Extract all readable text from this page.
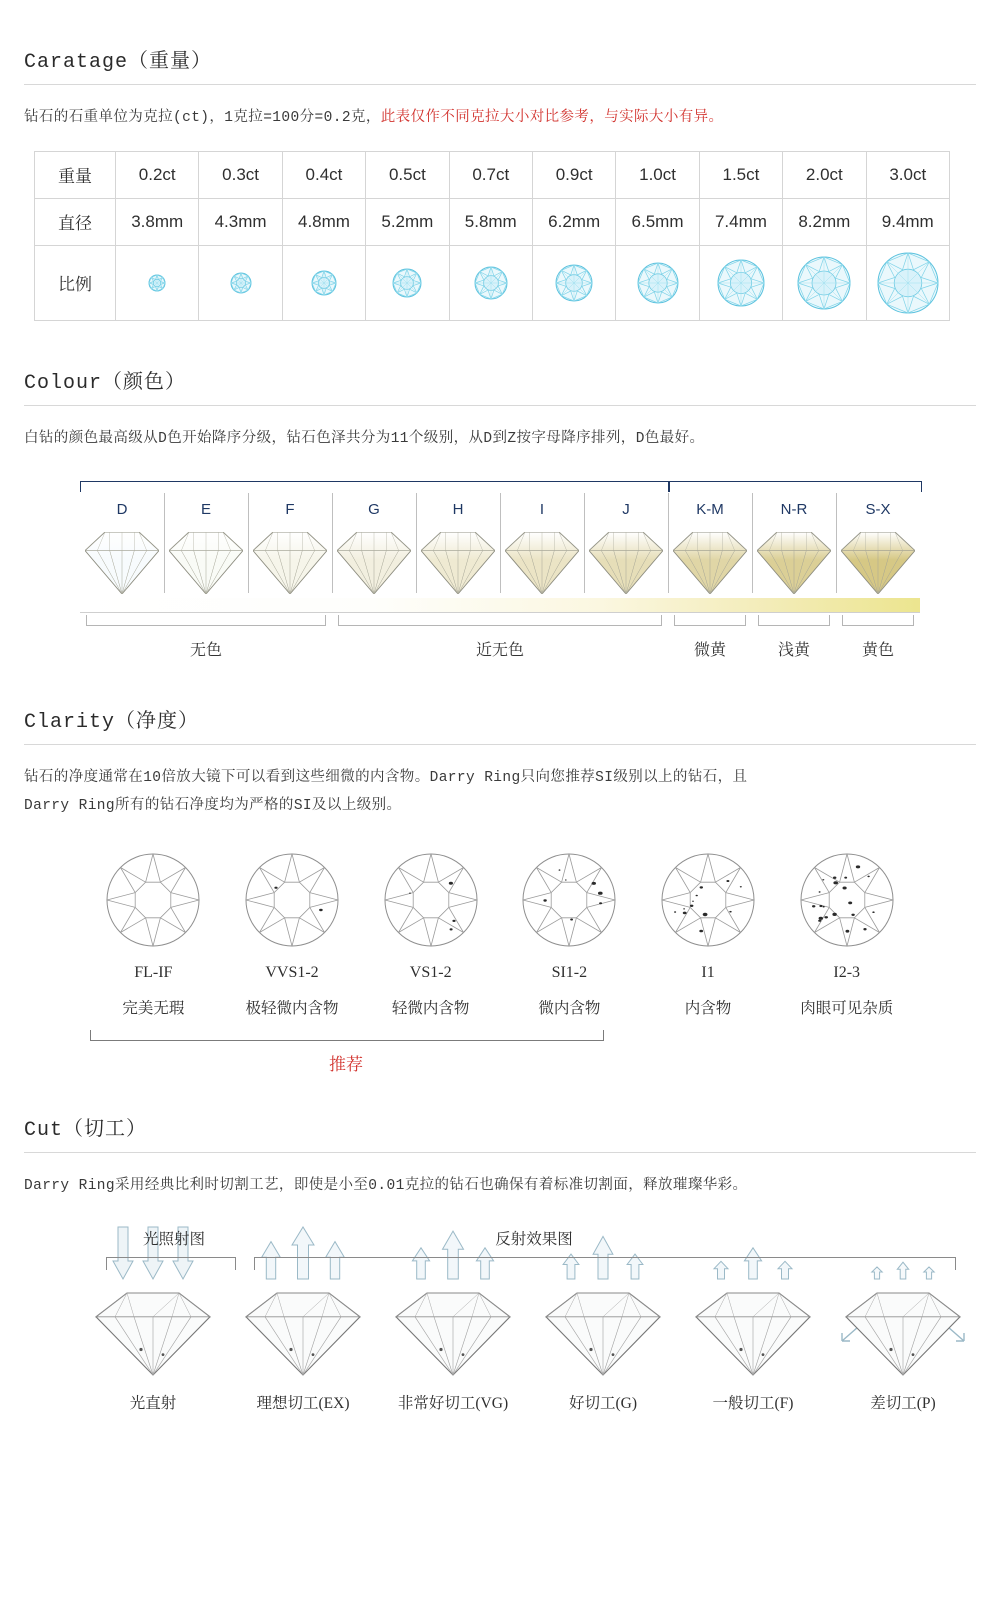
Caratage（重量）
钻石的石重单位为克拉(ct)，1克拉=100分=0.2克，此表仅作不同克拉大小对比参考，与实际大小有异。
重量	0.2ct	0.3ct	0.4ct	0.5ct	0.7ct	0.9ct	1.0ct	1.5ct	2.0ct	3.0ct
直径	3.8mm	4.3mm	4.8mm	5.2mm	5.8mm	6.2mm	6.5mm	7.4mm	8.2mm	9.4mm
比例	

Colour（颜色）
白钻的颜色最高级从D色开始降序分级，钻石色泽共分为11个级别，从D到Z按字母降序排列，D色最好。
D	E	F	G	H	I	J	K-M	N-R	S-X
无色	近无色	微黄	浅黄	黄色
Clarity（净度）
钻石的净度通常在10倍放大镜下可以看到这些细微的内含物。Darry Ring只向您推荐SI级别以上的钻石，且
Darry Ring所有的钻石净度均为严格的SI及以上级别。
FL-IF
完美无瑕
VVS1-2
极轻微内含物
VS1-2
轻微内含物
SI1-2
微内含物
I1
内含物
I2-3
肉眼可见杂质
推荐
Cut（切工）
Darry Ring采用经典比利时切割工艺，即使是小至0.01克拉的钻石也确保有着标准切割面，释放璀璨华彩。
光照射图	反射效果图
光直射	理想切工(EX)	非常好切工(VG)	好切工(G)	一般切工(F)	差切工(P)
